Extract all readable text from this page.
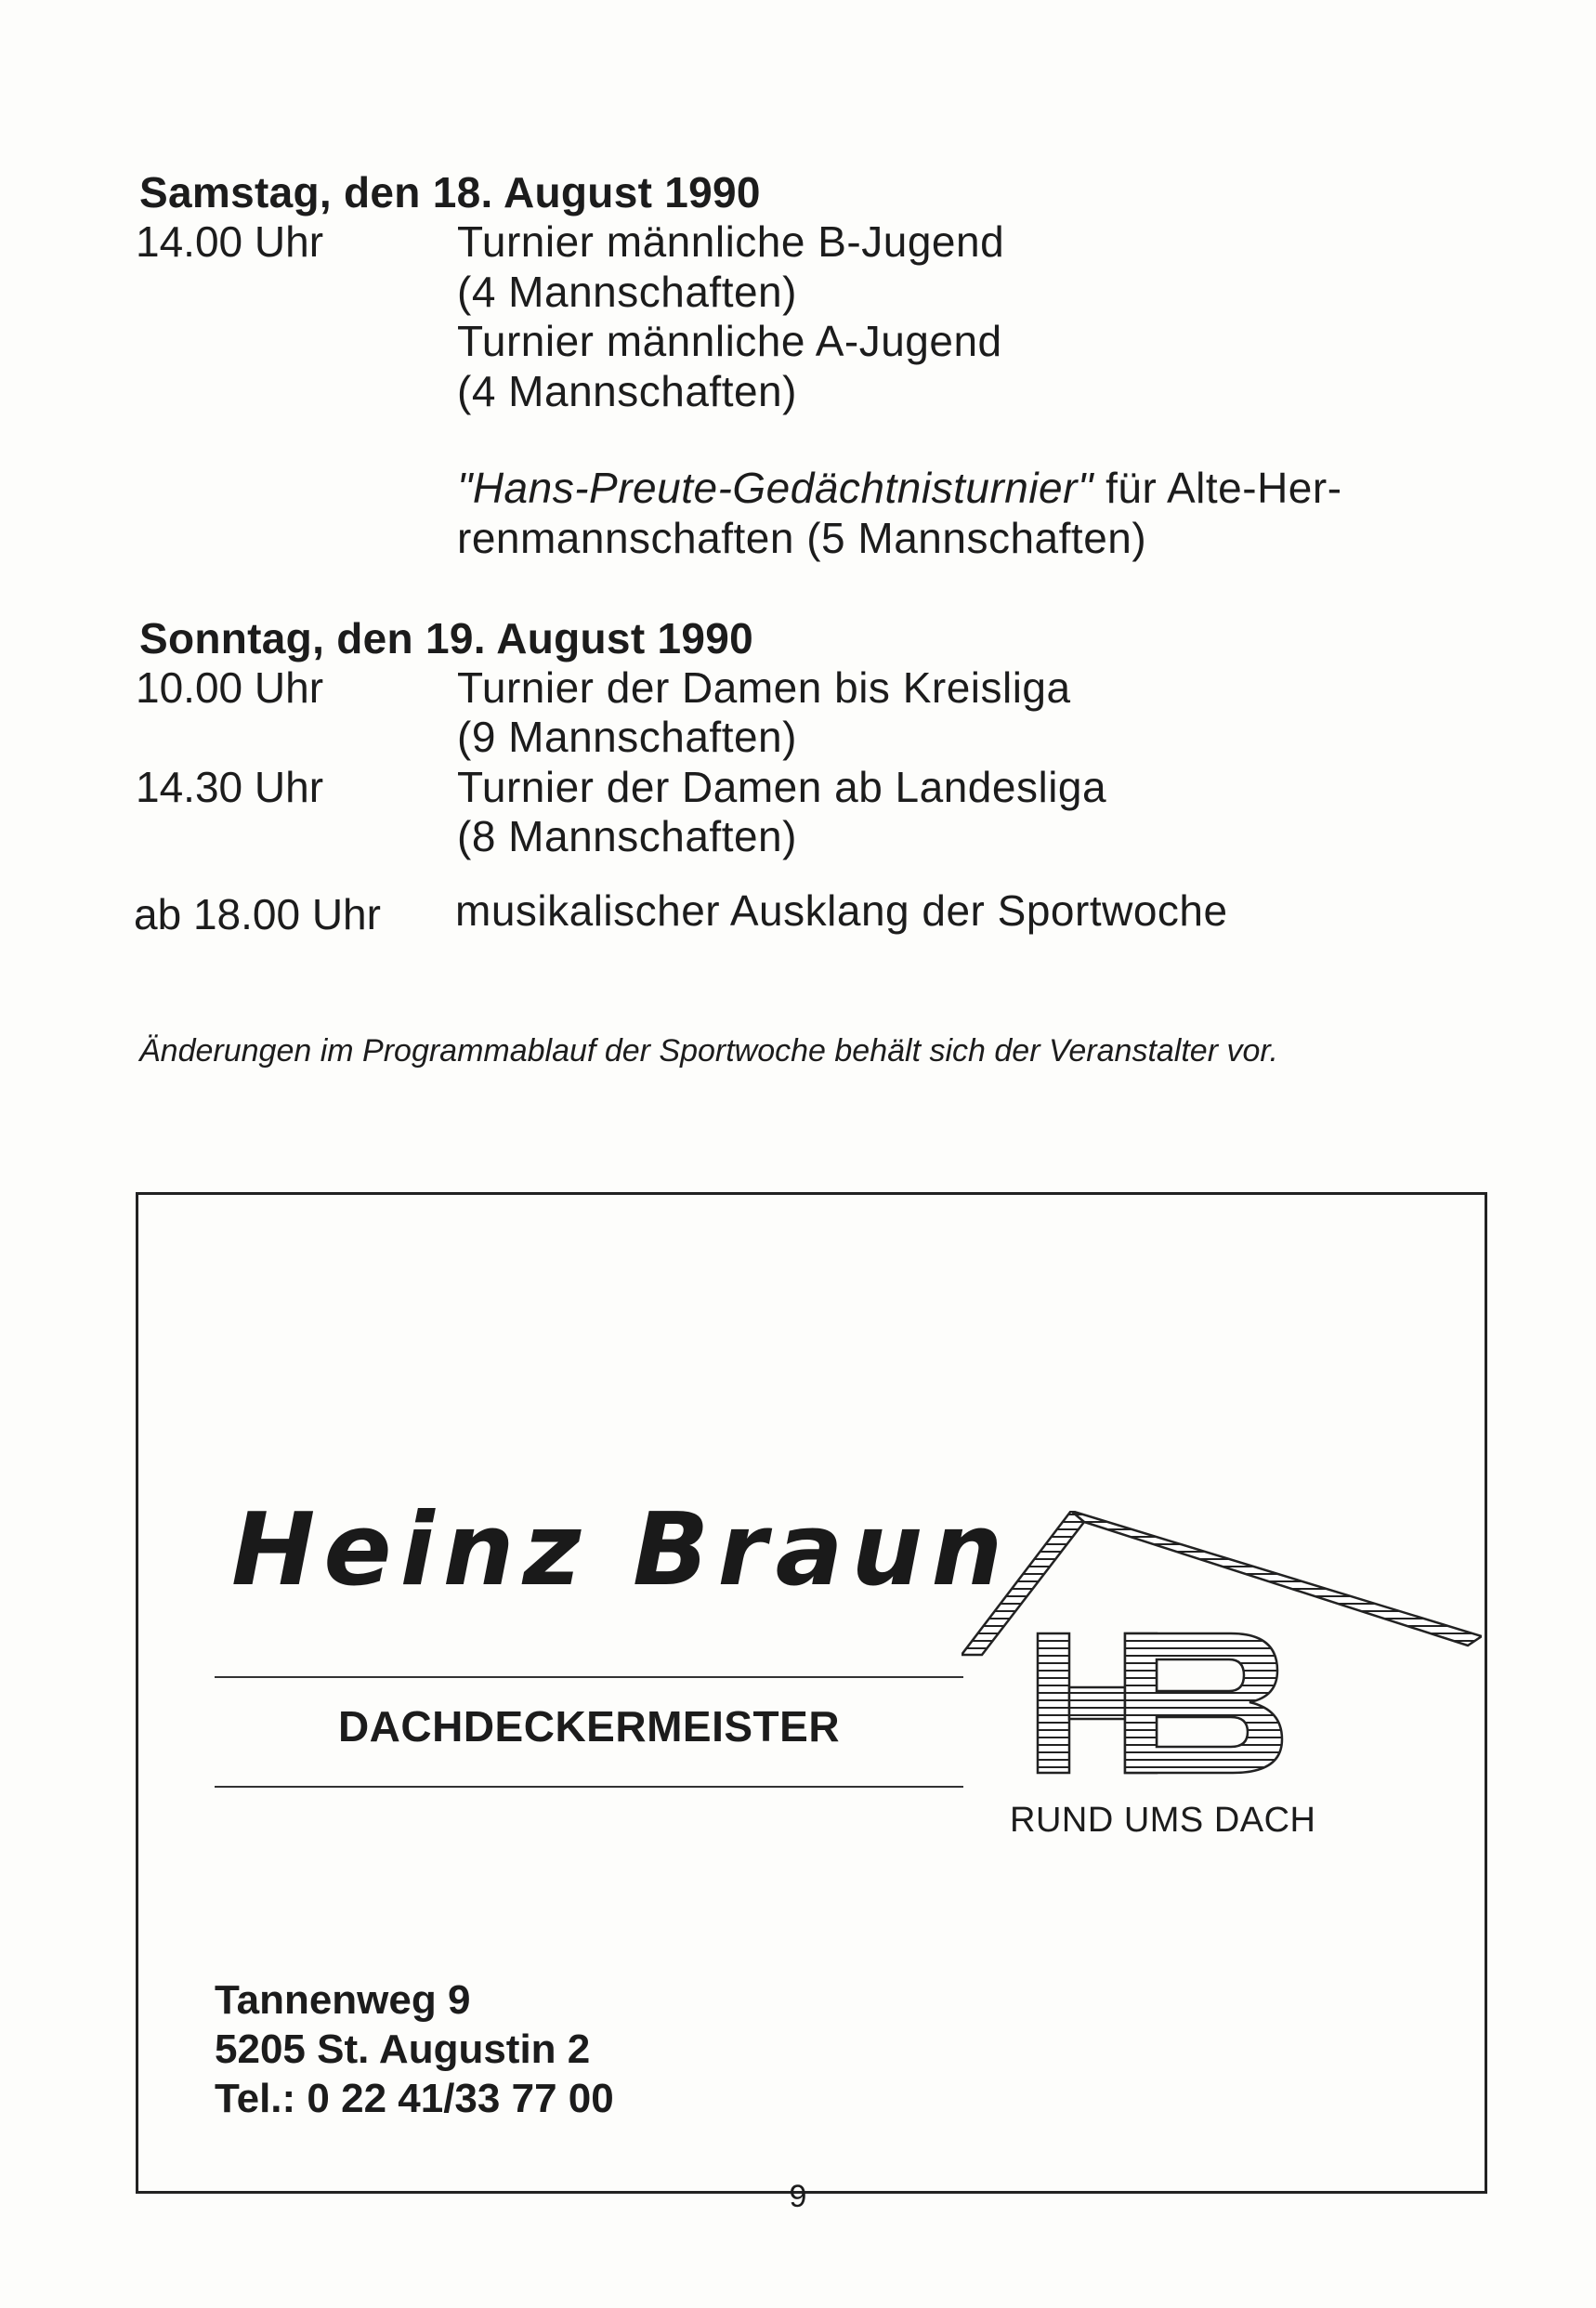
Samstag, den 18. August 1990
14.00 Uhr	Turnier männliche B-Jugend
(4 Mannschaften)
Turnier männliche A-Jugend
(4 Mannschaften)
"Hans-Preute-Gedächtnisturnier" für Alte-Her-
renmannschaften (5 Mannschaften)
Sonntag, den 19. August 1990
10.00 Uhr	Turnier der Damen bis Kreisliga
(9 Mannschaften)
14.30 Uhr	Turnier der Damen ab Landesliga
(8 Mannschaften)
ab 18.00 Uhr musikalischer Ausklang der Sportwoche
Änderungen im Programmablauf der Sportwoche behält sich der Veranstalter vor.
Heinz Braun
DACHDECKERMEISTER
RUND UMS DACH
Tannenweg 9
5205 St. Augustin 2
Tel.: 0 22 41/33 77 00
9
